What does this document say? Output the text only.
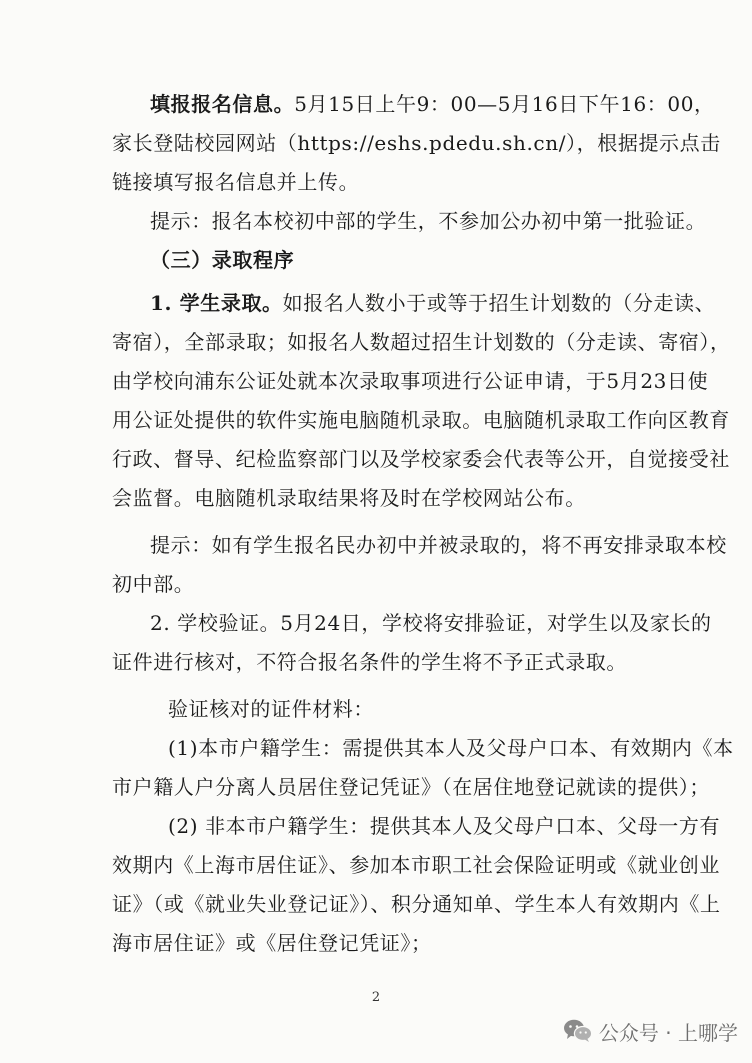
填报报名信息。5月15日上午9：00—5月16日下午16：00，
家长登陆校园网站（https://eshs.pdedu.sh.cn/），根据提示点击
链接填写报名信息并上传。
提示：报名本校初中部的学生，不参加公办初中第一批验证。
（三）录取程序
1. 学生录取。如报名人数小于或等于招生计划数的（分走读、
寄宿），全部录取；如报名人数超过招生计划数的（分走读、寄宿），
由学校向浦东公证处就本次录取事项进行公证申请，于5月23日使
用公证处提供的软件实施电脑随机录取。电脑随机录取工作向区教育
行政、督导、纪检监察部门以及学校家委会代表等公开，自觉接受社
会监督。电脑随机录取结果将及时在学校网站公布。
提示：如有学生报名民办初中并被录取的，将不再安排录取本校
初中部。
2. 学校验证。5月24日，学校将安排验证，对学生以及家长的
证件进行核对，不符合报名条件的学生将不予正式录取。
验证核对的证件材料：
(1)本市户籍学生：需提供其本人及父母户口本、有效期内《本
市户籍人户分离人员居住登记凭证》（在居住地登记就读的提供）；
(2) 非本市户籍学生：提供其本人及父母户口本、父母一方有
效期内《上海市居住证》、参加本市职工社会保险证明或《就业创业
证》（或《就业失业登记证》）、积分通知单、学生本人有效期内《上
海市居住证》或《居住登记凭证》；
2
公众号 · 上哪学
